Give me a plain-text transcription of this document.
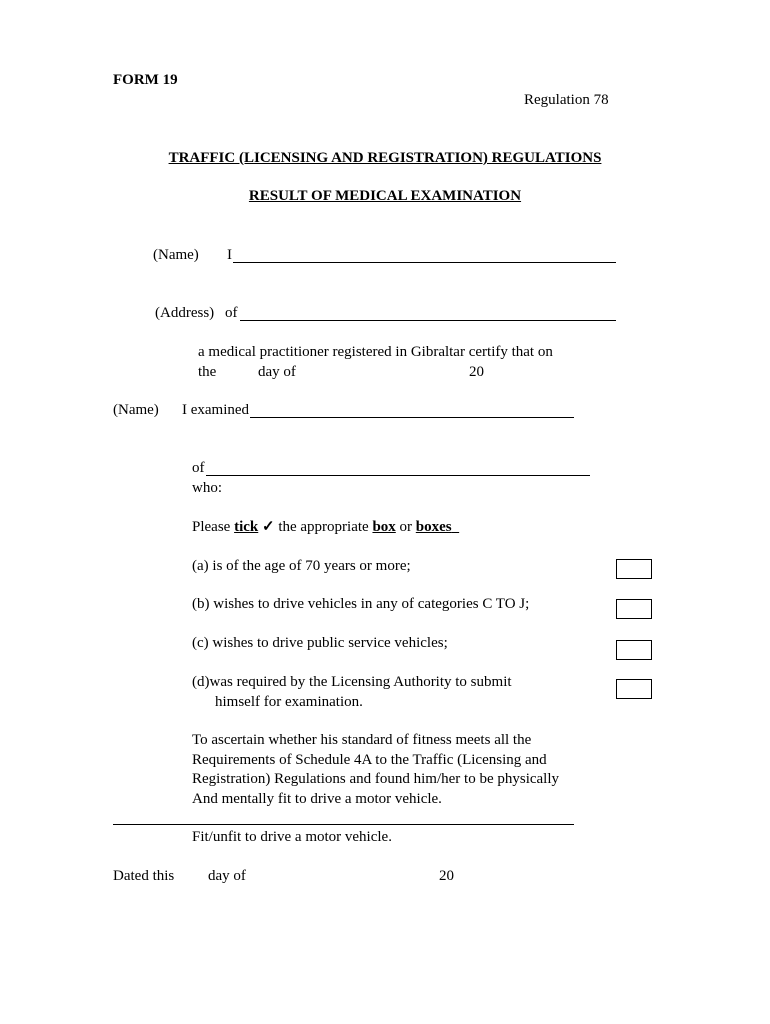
FORM 19
Regulation 78
TRAFFIC (LICENSING AND REGISTRATION) REGULATIONS
RESULT OF MEDICAL EXAMINATION
(Name) I
(Address) of
a medical practitioner registered in Gibraltar certify that on
the	day of	20
(Name) I examined
of
who:
Please tick ✓ the appropriate box or boxes
(a) is of the age of 70 years or more;
(b) wishes to drive vehicles in any of categories C TO J;
(c) wishes to drive public service vehicles;
(d)was required by the Licensing Authority to submit
himself for examination.
To ascertain whether his standard of fitness meets all the
Requirements of Schedule 4A to the Traffic (Licensing and
Registration) Regulations and found him/her to be physically
And mentally fit to drive a motor vehicle.
Fit/unfit to drive a motor vehicle.
Dated this day of	20
